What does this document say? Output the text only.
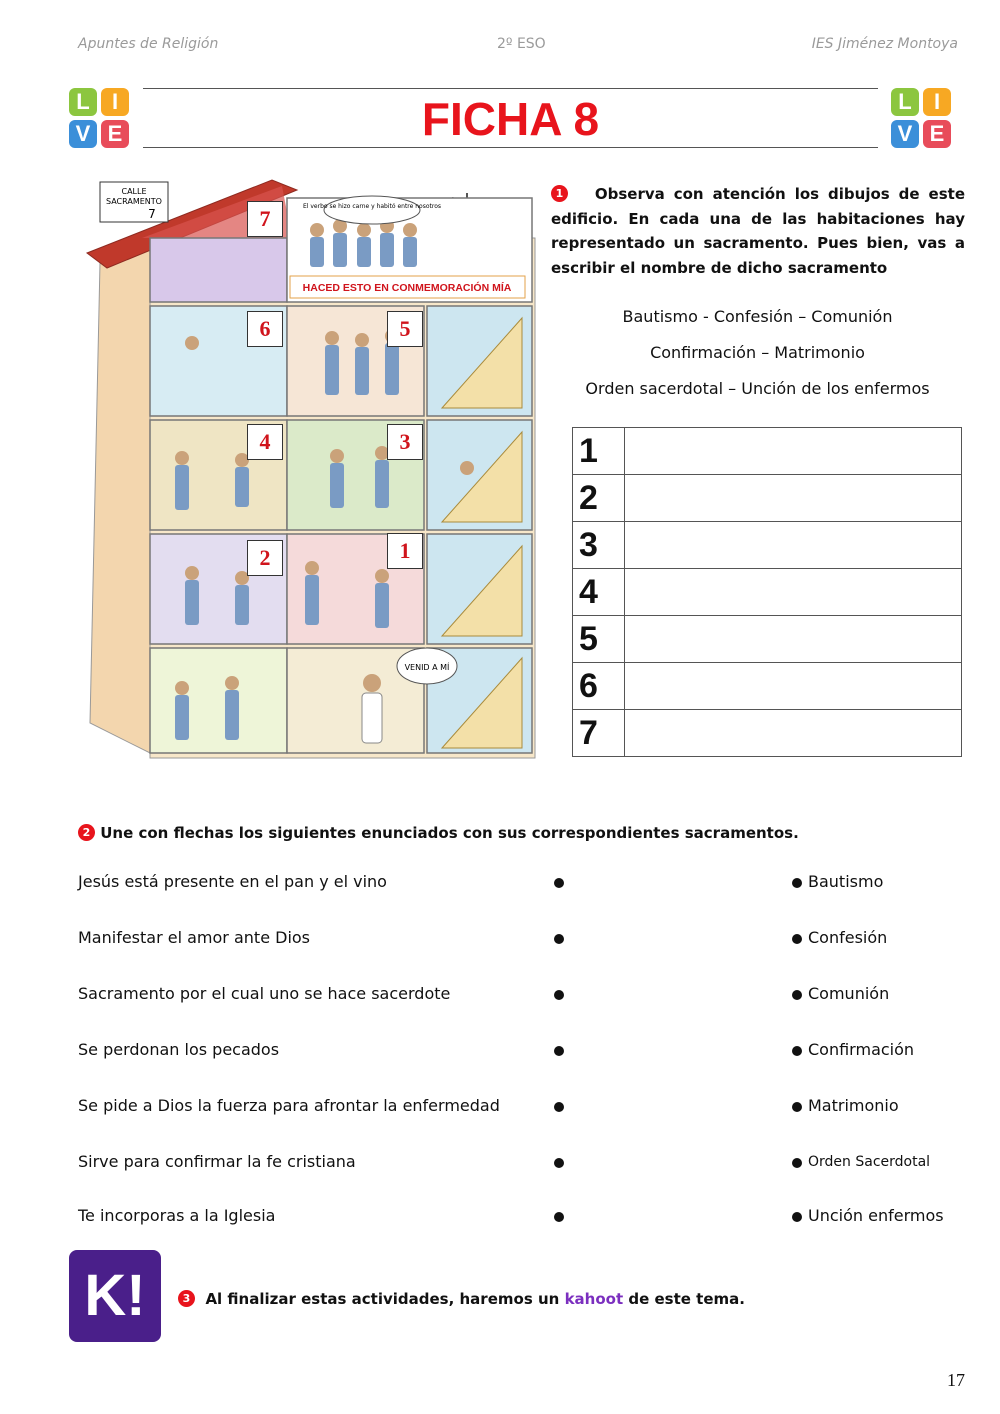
Apuntes de Religión	2º ESO	IES Jiménez Montoya
FICHA 8
L	I
V E
L	I
V E
CALLE
SACRAMENTO
7
HACED ESTO EN CONMEMORACIÓN MÍA
El verbo se hizo carne y habitó entre nosotros
VENID A MÍ
7
6	5
4	3
2	1
1 Observa con atención los dibujos de este edificio. En cada una de las habitaciones hay representado un sacramento. Pues bien, vas a escribir el nombre de dicho sacramento
Bautismo - Confesión – Comunión
Confirmación – Matrimonio
Orden sacerdotal – Unción de los enfermos
1	
2	
3	
4	
5	
6	
7	
2 Une con flechas los siguientes enunciados con sus correspondientes sacramentos.
Jesús está presente en el pan y el vino	Bautismo
Manifestar el amor ante Dios	Confesión
Sacramento por el cual uno se hace sacerdote	Comunión
Se perdonan los pecados	Confirmación
Se pide a Dios la fuerza para afrontar la enfermedad	Matrimonio
Sirve para confirmar la fe cristiana	Orden Sacerdotal
Te incorporas a la Iglesia	Unción enfermos
K!	3 Al finalizar estas actividades, haremos un kahoot de este tema.
17
